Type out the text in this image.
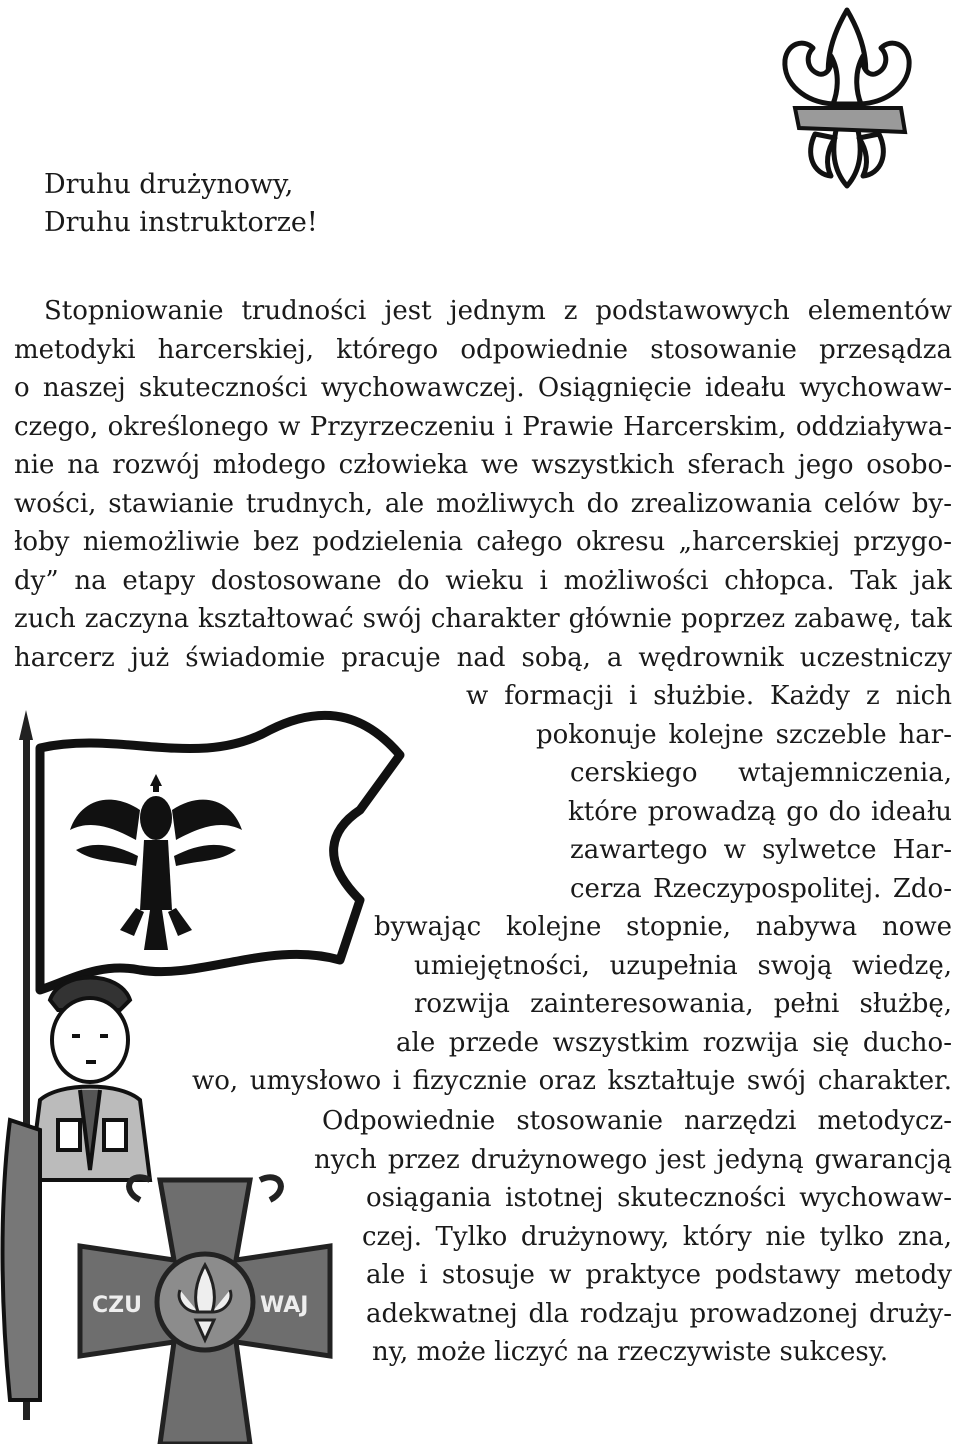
Druhu drużynowy,

Druhu instruktorze!

CZU	WAJ
Stopniowanie trudności jest jednym z podstawowych elementów
metodyki harcerskiej, którego odpowiednie stosowanie przesądza
o naszej skuteczności wychowawczej. Osiągnięcie ideału wychowaw-
czego, określonego w Przyrzeczeniu i Prawie Harcerskim, oddziaływa-
nie na rozwój młodego człowieka we wszystkich sferach jego osobo-
wości, stawianie trudnych, ale możliwych do zrealizowania celów by-
łoby niemożliwie bez podzielenia całego okresu „harcerskiej przygo-
dy” na etapy dostosowane do wieku i możliwości chłopca. Tak jak
zuch zaczyna kształtować swój charakter głównie poprzez zabawę, tak
harcerz już świadomie pracuje nad sobą, a wędrownik uczestniczy
w formacji i służbie. Każdy z nich
pokonuje kolejne szczeble har-
cerskiego wtajemniczenia,
które prowadzą go do ideału
zawartego w sylwetce Har-
cerza Rzeczypospolitej. Zdo-
bywając kolejne stopnie, nabywa nowe
umiejętności, uzupełnia swoją wiedzę,
rozwija zainteresowania, pełni służbę,
ale przede wszystkim rozwija się ducho-
wo, umysłowo i fizycznie oraz kształtuje swój charakter.
Odpowiednie stosowanie narzędzi metodycz-
nych przez drużynowego jest jedyną gwarancją
osiągania istotnej skuteczności wychowaw-
czej. Tylko drużynowy, który nie tylko zna,
ale i stosuje w praktyce podstawy metody
adekwatnej dla rodzaju prowadzonej druży-
ny, może liczyć na rzeczywiste sukcesy.
